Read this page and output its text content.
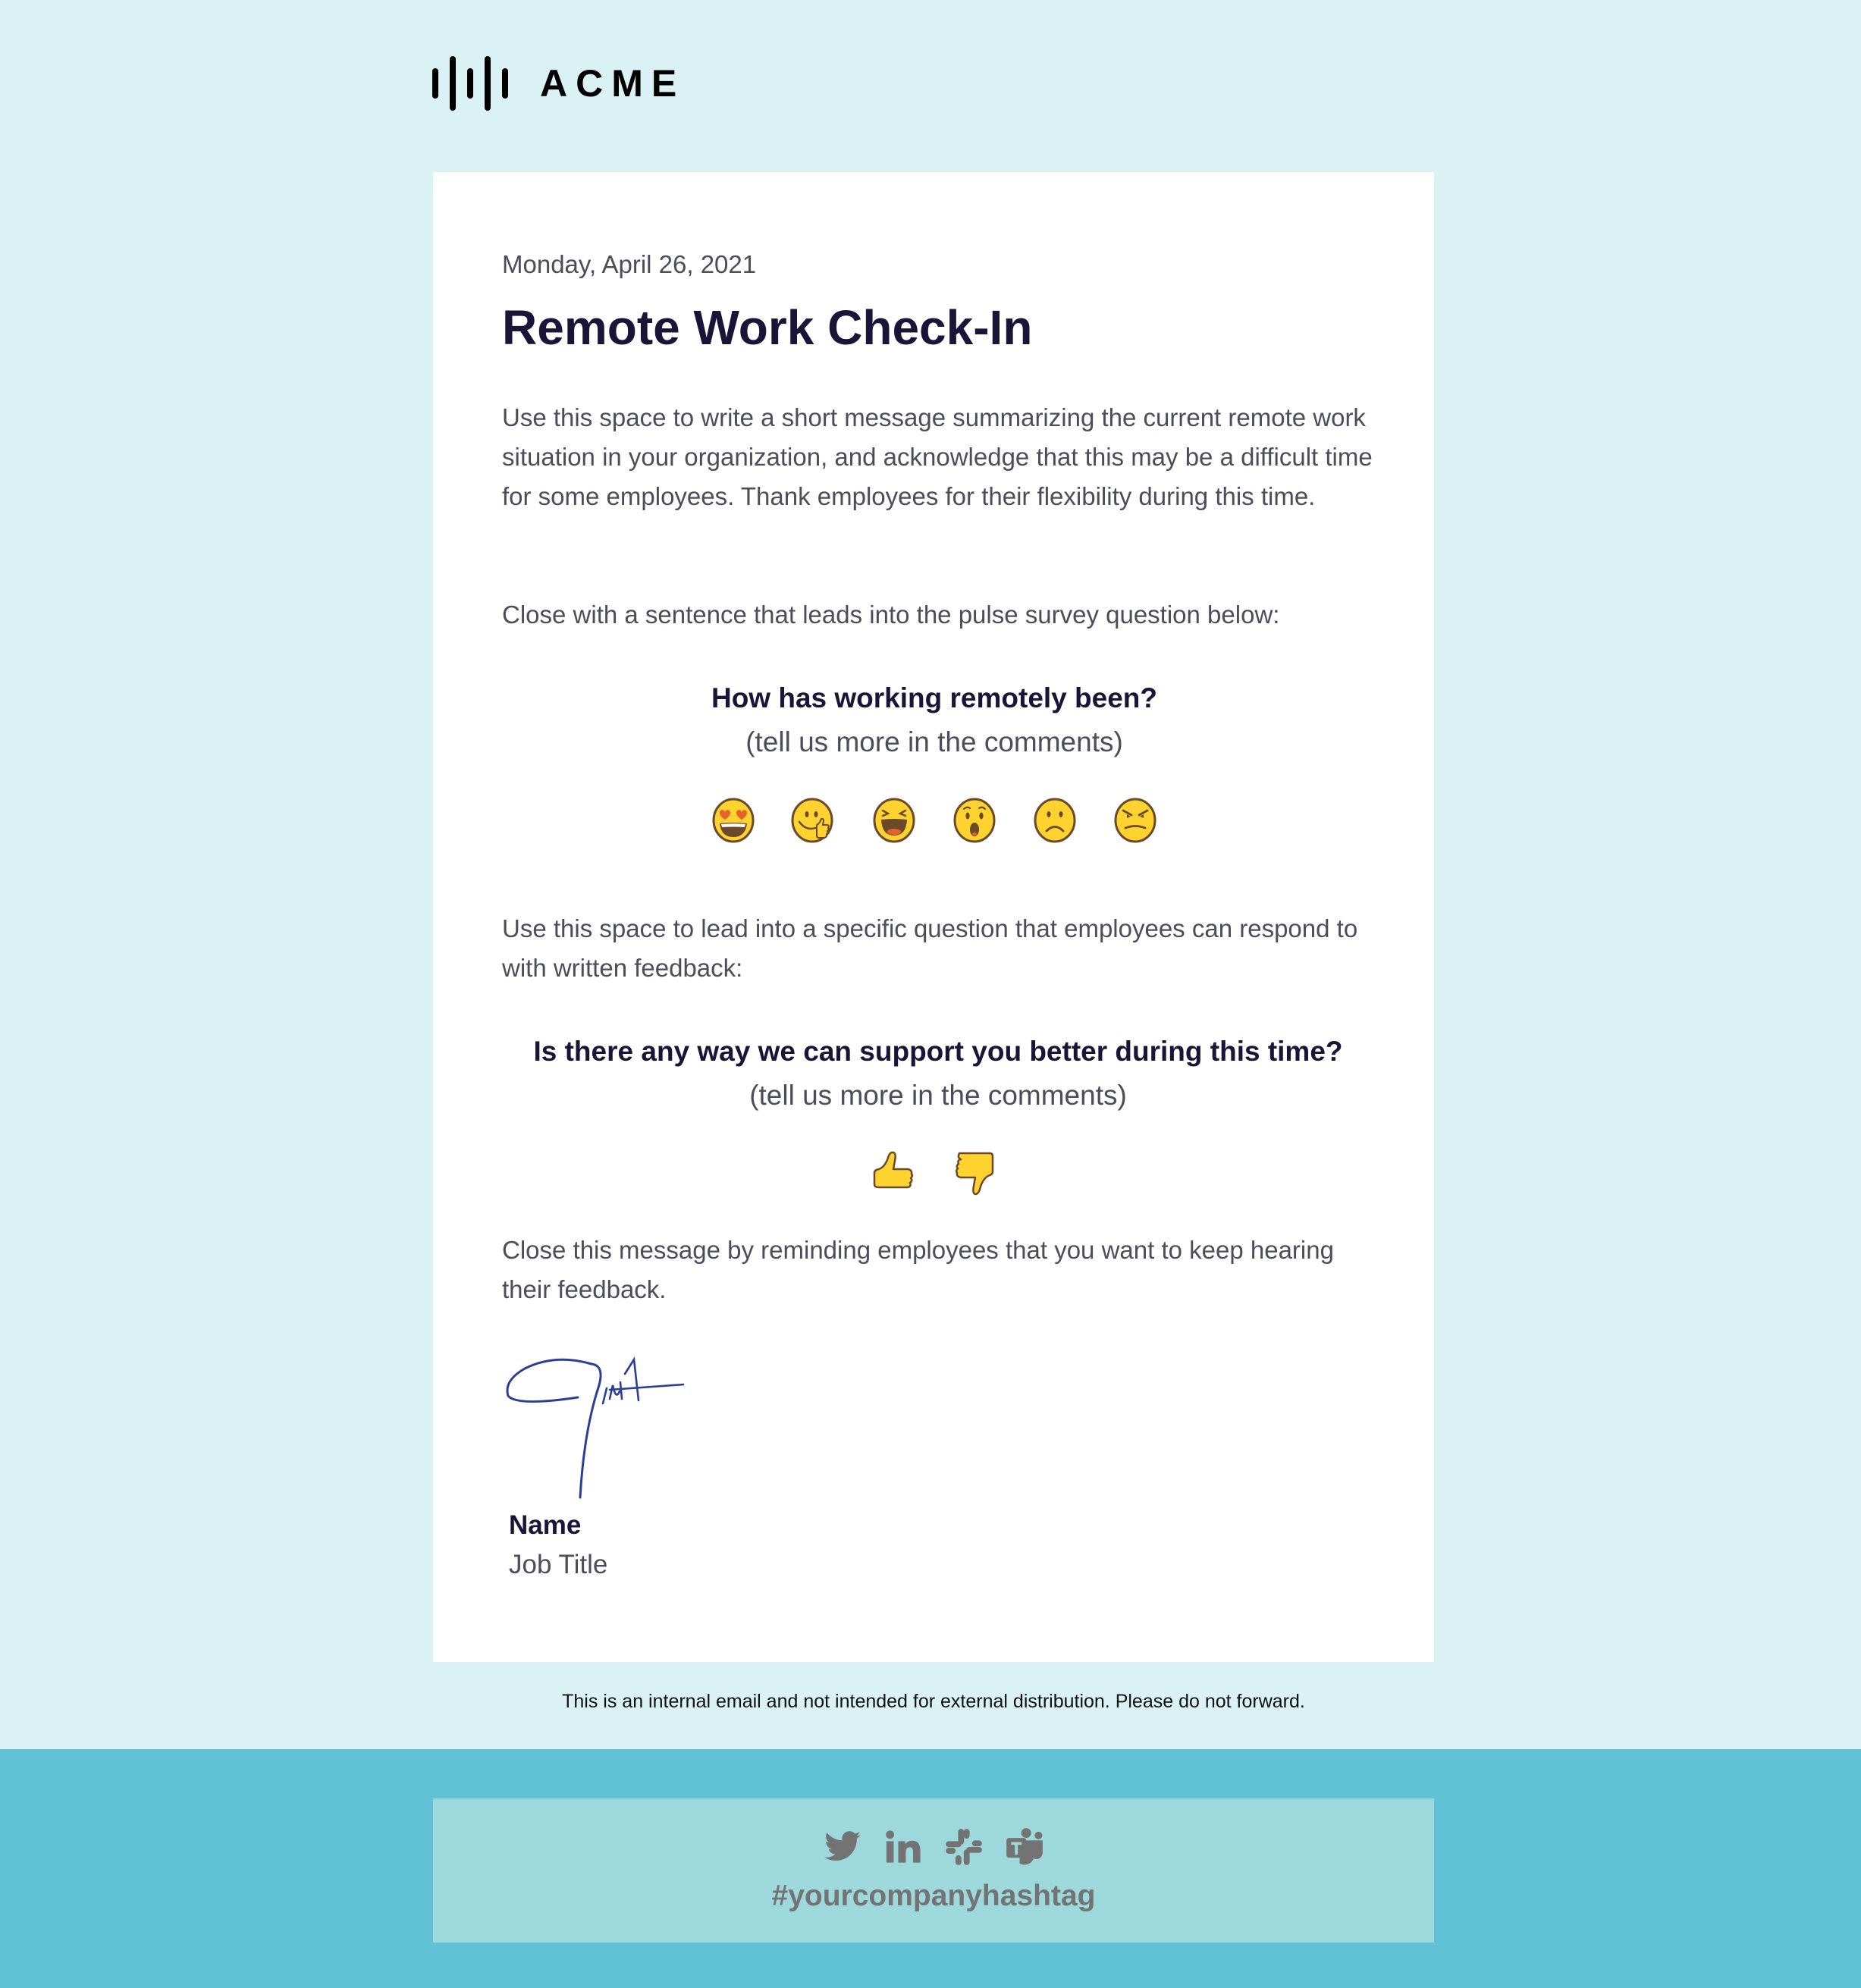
ACME
Monday, April 26, 2021
Remote Work Check-In

Use this space to write a short message summarizing the current remote work situation in your organization, and acknowledge that this may be a difficult time for some employees. Thank employees for their flexibility during this time.

Close with a sentence that leads into the pulse survey question below:

How has working remotely been?
(tell us more in the comments)

Use this space to lead into a specific question that employees can respond to with written feedback:

Is there any way we can support you better during this time?
(tell us more in the comments)

Close this message by reminding employees that you want to keep hearing their feedback.

Name
Job Title
This is an internal email and not intended for external distribution. Please do not forward.
#yourcompanyhashtag
